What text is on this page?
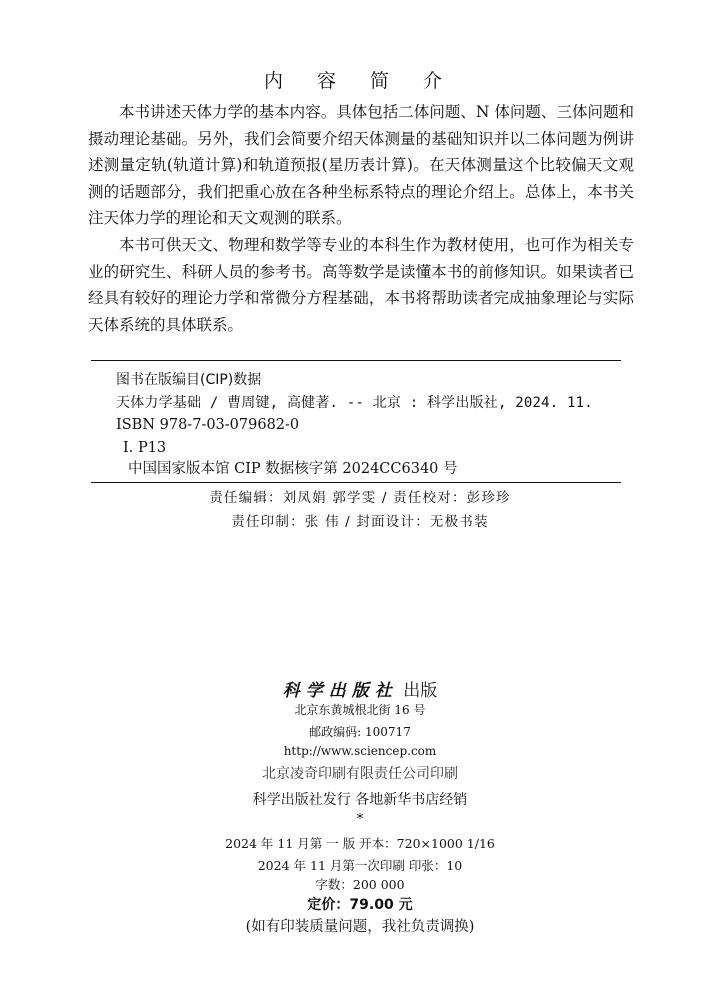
内 容 简 介

本书讲述天体力学的基本内容。具体包括二体问题、N 体问题、三体问题和摄动理论基础。另外，我们会简要介绍天体测量的基础知识并以二体问题为例讲述测量定轨(轨道计算)和轨道预报(星历表计算)。在天体测量这个比较偏天文观测的话题部分，我们把重心放在各种坐标系特点的理论介绍上。总体上，本书关注天体力学的理论和天文观测的联系。

本书可供天文、物理和数学等专业的本科生作为教材使用，也可作为相关专业的研究生、科研人员的参考书。高等数学是读懂本书的前修知识。如果读者已经具有较好的理论力学和常微分方程基础，本书将帮助读者完成抽象理论与实际天体系统的具体联系。

图书在版编目(CIP)数据
天体力学基础 / 曹周键, 高健著. -- 北京 : 科学出版社, 2024. 11.
ISBN 978-7-03-079682-0
Ⅰ. P13
中国国家版本馆 CIP 数据核字第 2024CC6340 号
责任编辑：刘凤娟 郭学雯 / 责任校对：彭珍珍
责任印制：张 伟 / 封面设计：无极书装
科学出版社 出版
北京东黄城根北街 16 号
邮政编码: 100717
http://www.sciencep.com
北京凌奇印刷有限责任公司印刷
科学出版社发行 各地新华书店经销
*
2024 年 11 月第 一 版 开本：720×1000 1/16
2024 年 11 月第一次印刷 印张：10
字数：200 000
定价：79.00 元
(如有印装质量问题，我社负责调换)
